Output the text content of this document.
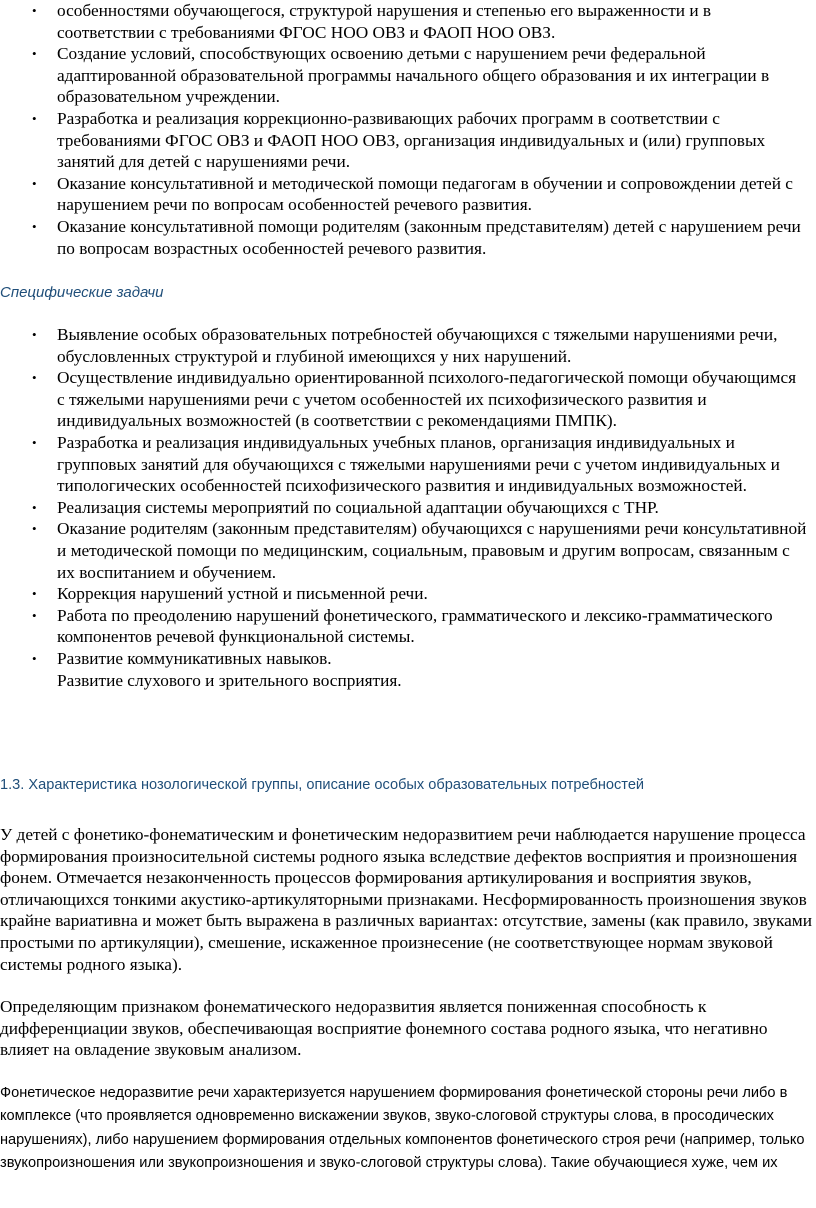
• особенностями обучающегося, структурой нарушения и степенью его выраженности и в соответствии с требованиями ФГОС НОО ОВЗ и ФАОП НОО ОВЗ.
• Создание условий, способствующих освоению детьми с нарушением речи федеральной адаптированной образовательной программы начального общего образования и их интеграции в образовательном учреждении.
• Разработка и реализация коррекционно-развивающих рабочих программ в соответствии с требованиями ФГОС ОВЗ и ФАОП НОО ОВЗ, организация индивидуальных и (или) групповых занятий для детей с нарушениями речи.
• Оказание консультативной и методической помощи педагогам в обучении и сопровождении детей с нарушением речи по вопросам особенностей речевого развития.
• Оказание консультативной помощи родителям (законным представителям) детей с нарушением речи по вопросам возрастных особенностей речевого развития.
Специфические задачи
• Выявление особых образовательных потребностей обучающихся с тяжелыми нарушениями речи, обусловленных структурой и глубиной имеющихся у них нарушений.
• Осуществление индивидуально ориентированной психолого-педагогической помощи обучающимся с тяжелыми нарушениями речи с учетом особенностей их психофизического развития и индивидуальных возможностей (в соответствии с рекомендациями ПМПК).
• Разработка и реализация индивидуальных учебных планов, организация индивидуальных и групповых занятий для обучающихся с тяжелыми нарушениями речи с учетом индивидуальных и типологических особенностей психофизического развития и индивидуальных возможностей.
• Реализация системы мероприятий по социальной адаптации обучающихся с ТНР.
• Оказание родителям (законным представителям) обучающихся с нарушениями речи консультативной и методической помощи по медицинским, социальным, правовым и другим вопросам, связанным с их воспитанием и обучением.
• Коррекция нарушений устной и письменной речи.
• Работа по преодолению нарушений фонетического, грамматического и лексико-грамматического компонентов речевой функциональной системы.
• Развитие коммуникативных навыков.
Развитие слухового и зрительного восприятия.
1.3. Характеристика нозологической группы, описание особых образовательных потребностей

У детей с фонетико-фонематическим и фонетическим недоразвитием речи наблюдается нарушение процесса формирования произносительной системы родного языка вследствие дефектов восприятия и произношения фонем. Отмечается незаконченность процессов формирования артикулирования и восприятия звуков, отличающихся тонкими акустико-артикуляторными признаками. Несформированность произношения звуков крайне вариативна и может быть выражена в различных вариантах: отсутствие, замены (как правило, звуками простыми по артикуляции), смешение, искаженное произнесение (не соответствующее нормам звуковой системы родного языка).

Определяющим признаком фонематического недоразвития является пониженная способность к дифференциации звуков, обеспечивающая восприятие фонемного состава родного языка, что негативно влияет на овладение звуковым анализом.

Фонетическое недоразвитие речи характеризуется нарушением формирования фонетической стороны речи либо в комплексе (что проявляется одновременно вискажении звуков, звуко-слоговой структуры слова, в просодических нарушениях), либо нарушением формирования отдельных компонентов фонетического строя речи (например, только звукопроизношения или звукопроизношения и звуко-слоговой структуры слова). Такие обучающиеся хуже, чем их
